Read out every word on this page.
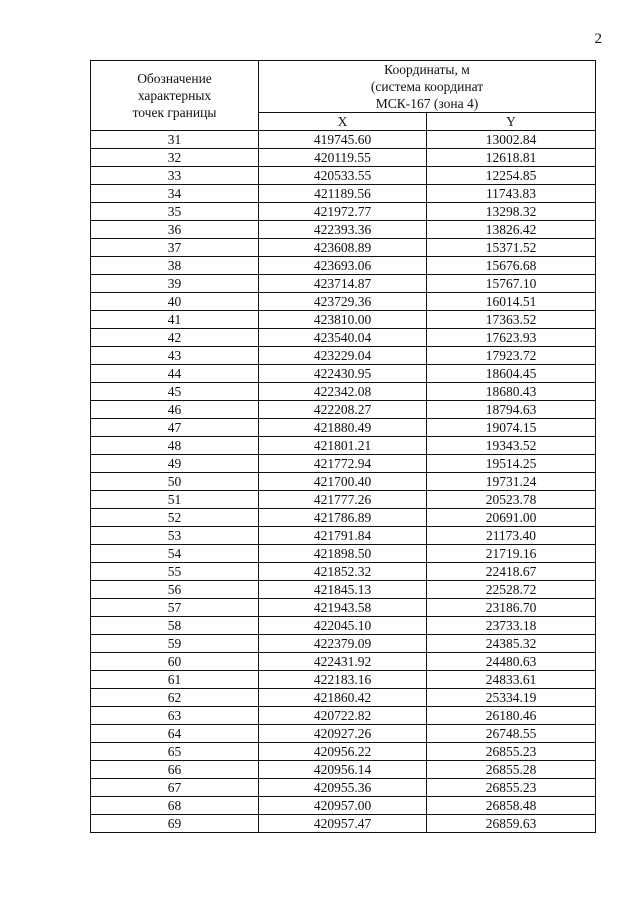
2
Обозначение
характерных
точек границы	Координаты, м
(система координат
МСК-167 (зона 4)	

	X	Y
31	419745.60	13002.84
32	420119.55	12618.81
33	420533.55	12254.85
34	421189.56	11743.83
35	421972.77	13298.32
36	422393.36	13826.42
37	423608.89	15371.52
38	423693.06	15676.68
39	423714.87	15767.10
40	423729.36	16014.51
41	423810.00	17363.52
42	423540.04	17623.93
43	423229.04	17923.72
44	422430.95	18604.45
45	422342.08	18680.43
46	422208.27	18794.63
47	421880.49	19074.15
48	421801.21	19343.52
49	421772.94	19514.25
50	421700.40	19731.24
51	421777.26	20523.78
52	421786.89	20691.00
53	421791.84	21173.40
54	421898.50	21719.16
55	421852.32	22418.67
56	421845.13	22528.72
57	421943.58	23186.70
58	422045.10	23733.18
59	422379.09	24385.32
60	422431.92	24480.63
61	422183.16	24833.61
62	421860.42	25334.19
63	420722.82	26180.46
64	420927.26	26748.55
65	420956.22	26855.23
66	420956.14	26855.28
67	420955.36	26855.23
68	420957.00	26858.48
69	420957.47	26859.63
